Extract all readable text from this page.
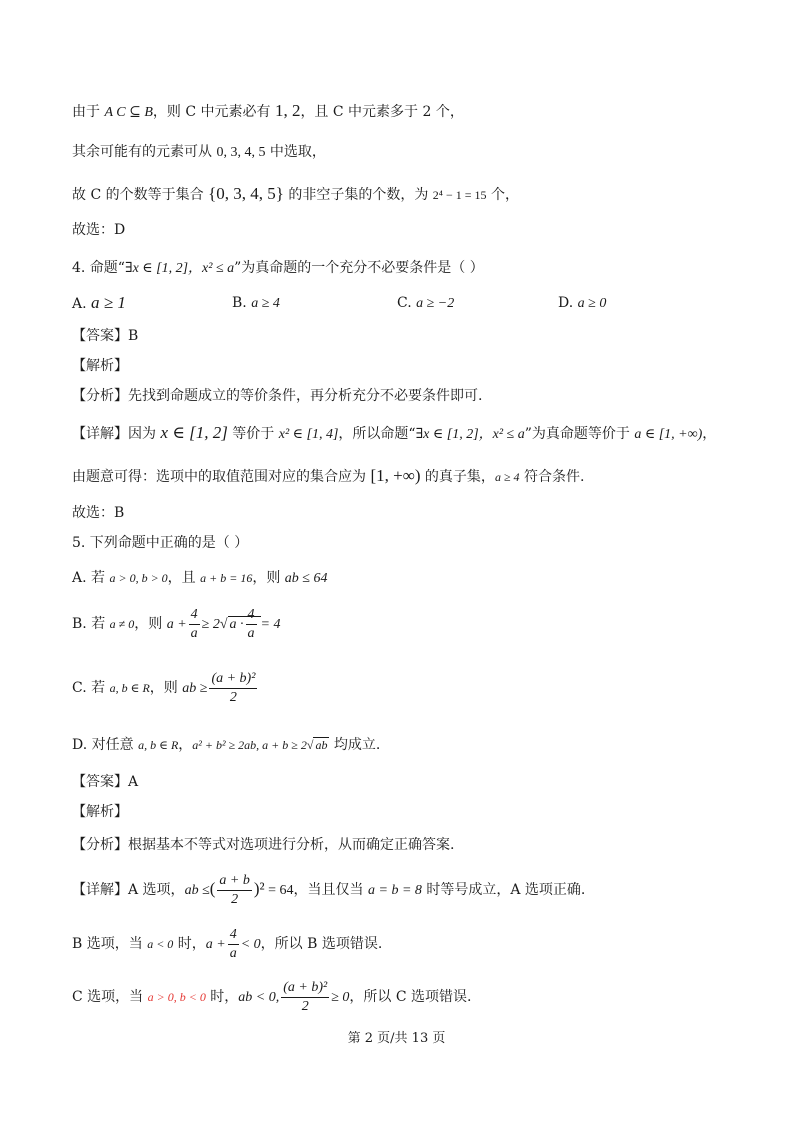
由于 A C ⊆ B，则 C 中元素必有 1, 2，且 C 中元素多于 2 个，
其余可能有的元素可从 0, 3, 4, 5 中选取，
故 C 的个数等于集合 {0, 3, 4, 5} 的非空子集的个数，为 2⁴ − 1 = 15 个，
故选：D
4. 命题“∃x ∈ [1, 2]，x² ≤ a”为真命题的一个充分不必要条件是（ ）
A. a ≥ 1	B. a ≥ 4	C. a ≥ −2	D. a ≥ 0
【答案】B
【解析】
【分析】先找到命题成立的等价条件，再分析充分不必要条件即可.
【详解】因为 x ∈ [1, 2] 等价于 x² ∈ [1, 4]，所以命题“∃x ∈ [1, 2]，x² ≤ a”为真命题等价于 a ∈ [1, +∞)，
由题意可得：选项中的取值范围对应的集合应为 [1, +∞) 的真子集，a ≥ 4 符合条件.
故选：B
5. 下列命题中正确的是（ ）
A. 若 a > 0, b > 0，且 a + b = 16，则 ab ≤ 64
B. 若 a ≠ 0，则 $a + \frac{4}{a} \ge 2√$ $a \cdot \frac{4}{a} = 4$
C. 若 a, b ∈ R，则 ab ≥ $\frac{\text{(a + b)²}}{2}$
D. 对任意 a, b ∈ R，a² + b² ≥ 2ab, a + b ≥ 2√ ab 均成立.
【答案】A
【解析】
【分析】根据基本不等式对选项进行分析，从而确定正确答案.
【详解】A 选项，ab ≤( $\frac{a + b}{2} )^2 = 64$，当且仅当 a = b = 8 时等号成立，A 选项正确.
B 选项，当 a < 0 时，$a + \frac{4}{a} < 0$，所以 B 选项错误.
C 选项，当 a > 0, b < 0 时，ab < 0, $\frac{\text{(a + b)²}}{2} \ge 0$，所以 C 选项错误.
第 2 页/共 13 页
